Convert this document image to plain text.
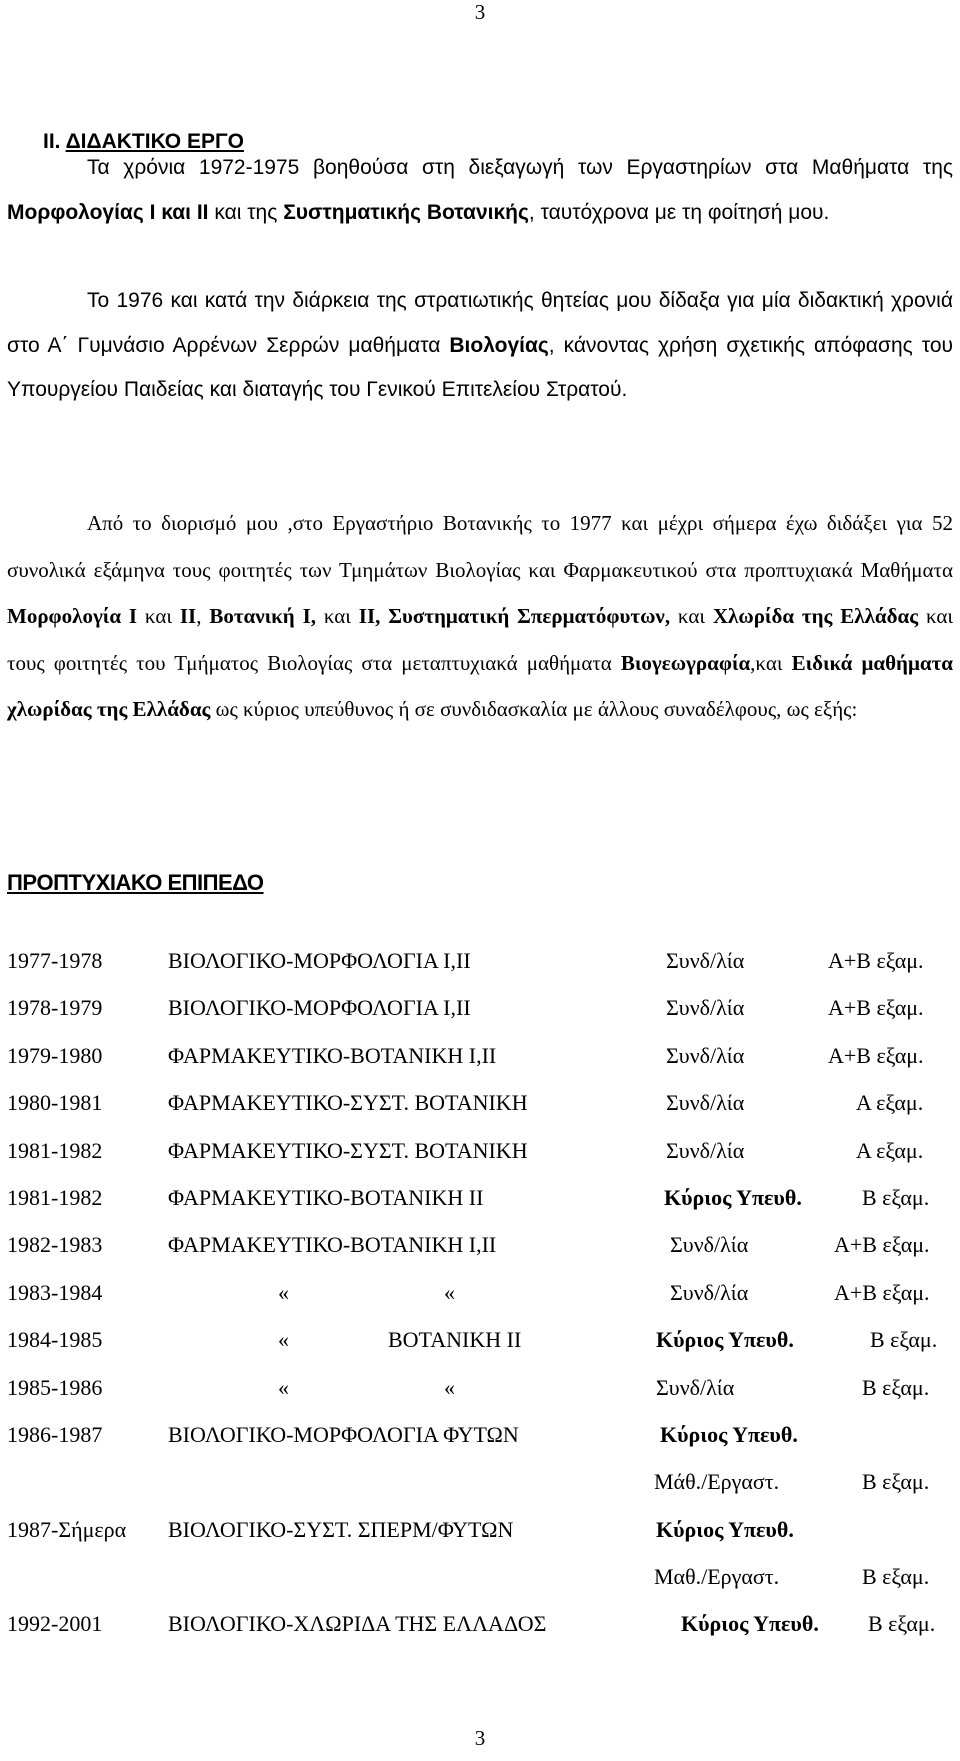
3
ΙΙ. ΔΙΔΑΚΤΙΚΟ ΕΡΓΟ

Τα χρόνια 1972-1975 βοηθούσα στη διεξαγωγή των Εργαστηρίων στα Μαθήματα της Μορφολογίας Ι και ΙΙ και της Συστηματικής Βοτανικής, ταυτόχρονα με τη φοίτησή μου.

Το 1976 και κατά την διάρκεια της στρατιωτικής θητείας μου δίδαξα για μία διδακτική χρονιά στο Α΄ Γυμνάσιο Αρρένων Σερρών μαθήματα Βιολογίας, κάνοντας χρήση σχετικής απόφασης του Υπουργείου Παιδείας και διαταγής του Γενικού Επιτελείου Στρατού.

Από το διορισμό μου ,στο Εργαστήριο Βοτανικής το 1977 και μέχρι σήμερα έχω διδάξει για 52 συνολικά εξάμηνα τους φοιτητές των Τμημάτων Βιολογίας και Φαρμακευτικού στα προπτυχιακά Μαθήματα Μορφολογία Ι και ΙΙ, Βοτανική Ι, και ΙΙ, Συστηματική Σπερματόφυτων, και Χλωρίδα της Ελλάδας και τους φοιτητές του Τμήματος Βιολογίας στα μεταπτυχιακά μαθήματα Βιογεωγραφία,και Ειδικά μαθήματα χλωρίδας της Ελλάδας ως κύριος υπεύθυνος ή σε συνδιδασκαλία με άλλους συναδέλφους, ως εξής:

ΠΡΟΠΤΥΧΙΑΚΟ ΕΠΙΠΕΔΟ
1977-1978	ΒΙΟΛΟΓΙΚΟ-ΜΟΡΦΟΛΟΓΙΑ Ι,ΙΙ	Συνδ/λία	Α+Β εξαμ.
1978-1979	ΒΙΟΛΟΓΙΚΟ-ΜΟΡΦΟΛΟΓΙΑ Ι,ΙΙ	Συνδ/λία	Α+Β εξαμ.
1979-1980	ΦΑΡΜΑΚΕΥΤΙΚΟ-ΒΟΤΑΝΙΚΗ Ι,ΙΙ	Συνδ/λία	Α+Β εξαμ.
1980-1981	ΦΑΡΜΑΚΕΥΤΙΚΟ-ΣΥΣΤ. ΒΟΤΑΝΙΚΗ	Συνδ/λία	Α εξαμ.
1981-1982	ΦΑΡΜΑΚΕΥΤΙΚΟ-ΣΥΣΤ. ΒΟΤΑΝΙΚΗ	Συνδ/λία	Α εξαμ.
1981-1982	ΦΑΡΜΑΚΕΥΤΙΚΟ-ΒΟΤΑΝΙΚΗ ΙΙ	Κύριος Υπευθ.	Β εξαμ.
1982-1983	ΦΑΡΜΑΚΕΥΤΙΚΟ-ΒΟΤΑΝΙΚΗ Ι,ΙΙ	Συνδ/λία	Α+Β εξαμ.
1983-1984	«	«	Συνδ/λία	Α+Β εξαμ.
1984-1985	«	ΒΟΤΑΝΙΚΗ ΙΙ	Κύριος Υπευθ.	Β εξαμ.
1985-1986	«	«	Συνδ/λία	Β εξαμ.
1986-1987	ΒΙΟΛΟΓΙΚΟ-ΜΟΡΦΟΛΟΓΙΑ ΦΥΤΩΝ	Κύριος Υπευθ.
Μάθ./Εργαστ.	Β εξαμ.
1987-Σήμερα ΒΙΟΛΟΓΙΚΟ-ΣΥΣΤ. ΣΠΕΡΜ/ΦΥΤΩΝ	Κύριος Υπευθ.
Μαθ./Εργαστ.	Β εξαμ.
1992-2001	ΒΙΟΛΟΓΙΚΟ-ΧΛΩΡΙΔΑ ΤΗΣ ΕΛΛΑΔΟΣ	Κύριος Υπευθ. Β εξαμ.
3
